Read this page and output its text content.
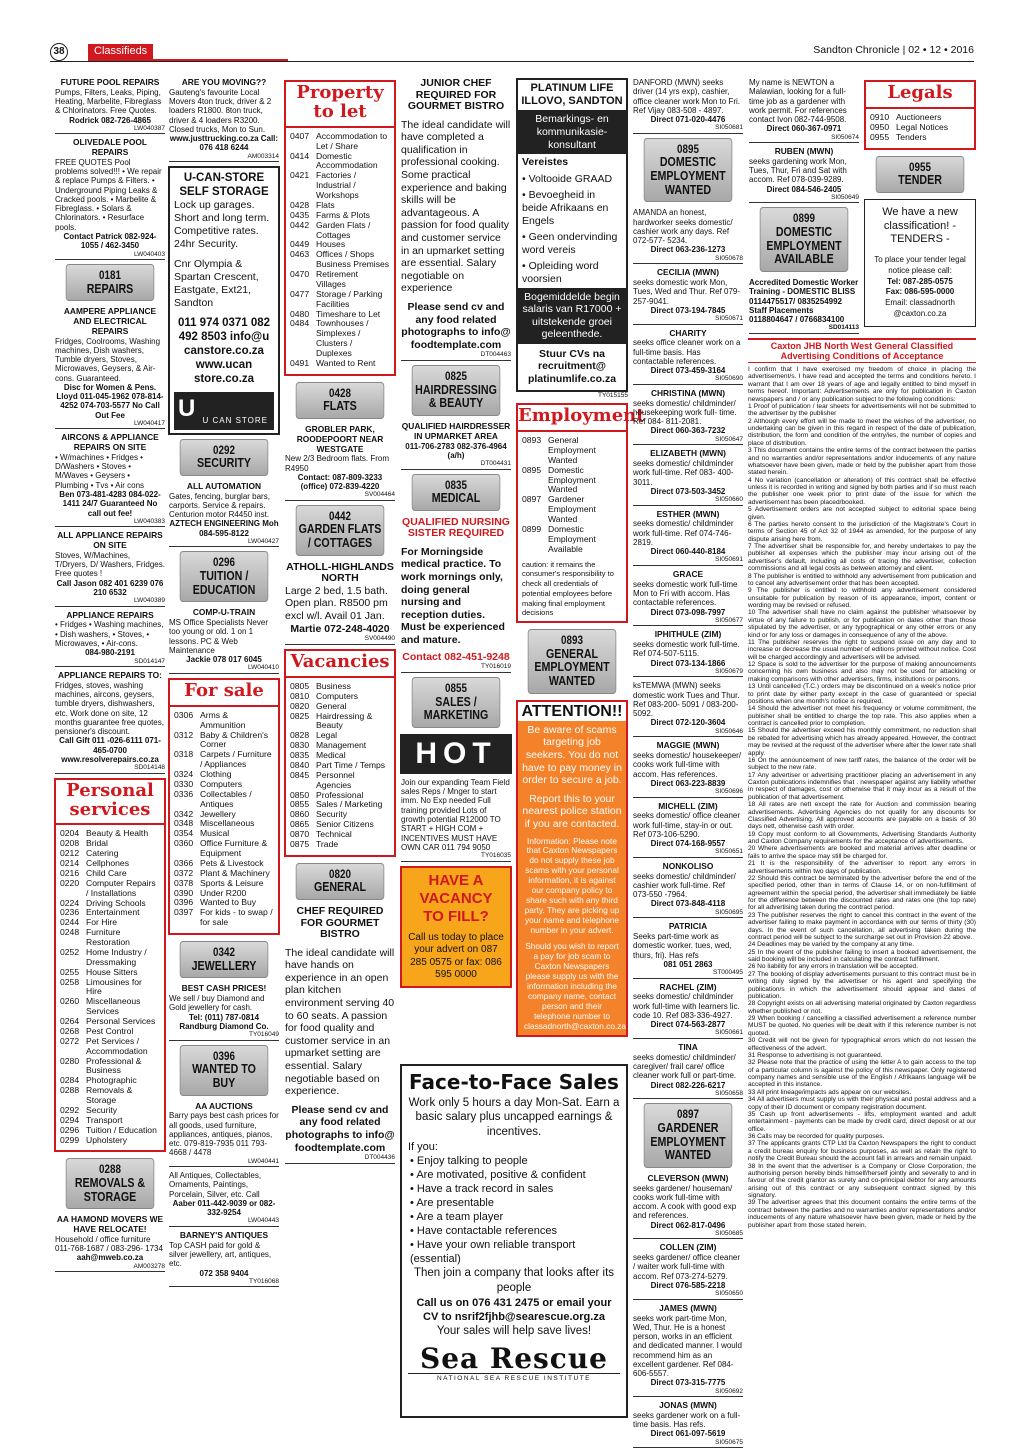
38	Classifieds	Sandton Chronicle | 02 • 12 • 2016
FUTURE POOL REPAIRS
Pumps, Filters, Leaks, Piping, Heating, Marbelite, Fibreglass & Chlorinators. Free Quotes.
Rodrick 082-726-4865
LW040387
OLIVEDALE POOL REPAIRS
FREE QUOTES Pool problems solved!!! • We repair & replace Pumps & Filters. • Underground Piping Leaks & Cracked pools. • Marbelite & Fibreglass. • Solars & Chlorinators. • Resurface pools.
Contact Patrick 082-924-1055 / 462-3450
LW040403
0181
REPAIRS
AAMPERE APPLIANCE AND ELECTRICAL REPAIRS
Fridges, Coolrooms, Washing machines, Dish washers, Tumble dryers, Stoves, Microwaves, Geysers, & Air-cons. Guaranteed.
Disc for Women & Pens. Lloyd 011-045-1962 078-814-4252 074-703-5577 No Call Out Fee
LW040417
AIRCONS & APPLIANCE REPAIRS ON SITE
• W/machines • Fridges • D/Washers • Stoves • M/Waves • Geysers • Plumbing • Tvs • Air cons
Ben 073-481-4283 084-022-1411 24/7 Guaranteed No call out fee!
LW040383
ALL APPLIANCE REPAIRS ON SITE
Stoves, W/Machines, T/Dryers, D/ Washers, Fridges. Free quotes !
Call Jason 082 401 6239 076 210 6532
LW040389
APPLIANCE REPAIRS
• Fridges • Washing machines, • Dish washers, • Stoves, • Microwaves, • Air-cons.
084-980-2191
SD014147
APPLIANCE REPAIRS TO:
Fridges, stoves, washing machines, aircons, geysers, tumble dryers, dishwashers, etc. Work done on site, 12 months guarantee free quotes, pensioner's discount.
Call Gift 011 -026-6111 071-465-0700 www.resolverepairs.co.za
SD014148
Personal services
0204 Beauty & Health
0208 Bridal
0212 Catering
0214 Cellphones
0216 Child Care
0220 Computer Repairs / Installations
0224 Driving Schools
0236 Entertainment
0244 For Hire
0248 Furniture Restoration
0252 Home Industry / Dressmaking
0255 House Sitters
0258 Limousines for Hire
0260 Miscellaneous Services
0264 Personal Services
0268 Pest Control
0272 Pet Services / Accommodation
0280 Professional & Business
0284 Photographic
0288 Removals & Storage
0292 Security
0294 Transport
0296 Tuition / Education
0299 Upholstery
0288
REMOVALS & STORAGE
AA HAMOND MOVERS WE HAVE RELOCATE!
Household / office furniture 011-768-1687 / 083-296- 1734
aah@mweb.co.za
AM003278
ARE YOU MOVING??
Gauteng's favourite Local Movers 4ton truck, driver & 2 loaders R1800. 8ton truck, driver & 4 loaders R3200. Closed trucks, Mon to Sun.
www.justtrucking.co.za Call: 076 418 6244
AM003314
U-CAN-STORE SELF STORAGE
Lock up garages. Short and long term. Competitive rates. 24hr Security.
Cnr Olympia & Spartan Crescent, Eastgate, Ext21, Sandton
011 974 0371 082 492 8503 info@u canstore.co.za www.ucan store.co.za
U U CAN STORE
0292
SECURITY
ALL AUTOMATION
Gates, fencing, burglar bars, carports. Service & repairs. Centurion motor R4450 inst.
AZTECH ENGINEERING Moh 084-595-8122
LW040427
0296
TUITION / EDUCATION
COMP-U-TRAIN
MS Office Specialists Never too young or old. 1 on 1 lessons. PC & Web Maintenance
Jackie 078 017 6045
LW040410
For sale
0306 Arms & Ammunition
0312 Baby & Children's Corner
0318 Carpets / Furniture / Appliances
0324 Clothing
0330 Computers
0336 Collectables / Antiques
0342 Jewellery
0348 Miscellaneous
0354 Musical
0360 Office Furniture & Equipment
0366 Pets & Livestock
0372 Plant & Machinery
0378 Sports & Leisure
0390 Under R200
0396 Wanted to Buy
0397 For kids - to swap / for sale
0342
JEWELLERY
BEST CASH PRICES!
We sell / buy Diamond and Gold jewellery for cash.
Tel: (011) 787-0814 Randburg Diamond Co.
TY016049
0396
WANTED TO BUY
AA AUCTIONS
Barry pays best cash prices for all goods, used furniture, appliances, antiques, pianos, etc. 079-819-7935 011 793- 4668 / 4478
LW040441
All Antiques, Collectables, Ornaments, Paintings, Porcelain, Silver, etc. Call
Aaber 011-442-9039 or 082-332-9254
LW040443
BARNEY'S ANTIQUES
Top CASH paid for gold & silver jewellery, art, antiques, etc.
072 358 9404
TY016068
Property to let
0407 Accommodation to Let / Share
0414 Domestic Accommodation
0421 Factories / Industrial / Workshops
0428 Flats
0435 Farms & Plots
0442 Garden Flats / Cottages
0449 Houses
0463 Offices / Shops Business Premises
0470 Retirement Villages
0477 Storage / Parking Facilities
0480 Timeshare to Let
0484 Townhouses / Simplexes / Clusters / Duplexes
0491 Wanted to Rent
0428
FLATS
GROBLER PARK, ROODEPOORT NEAR WESTGATE
New 2/3 Bedroom flats. From R4950
Contact: 087-809-3233 (office) 072-839-4220
SV004464
0442
GARDEN FLATS / COTTAGES
ATHOLL-HIGHLANDS NORTH
Large 2 bed, 1.5 bath. Open plan. R8500 pm excl w/l. Avail 01 Jan.
Martie 072-248-4020
SV004490
Vacancies
0805 Business
0810 Computers
0820 General
0825 Hairdressing & Beauty
0828 Legal
0830 Management
0835 Medical
0840 Part Time / Temps
0845 Personnel Agencies
0850 Professional
0855 Sales / Marketing
0860 Security
0865 Senior Citizens
0870 Technical
0875 Trade
0820
GENERAL
CHEF REQUIRED FOR GOURMET BISTRO
The ideal candidate will have hands on experience in an open plan kitchen environment serving 40 to 60 seats. A passion for food quality and customer service in an upmarket setting are essential. Salary negotiable based on experience.
Please send cv and any food related photographs to info@ foodtemplate.com
DT004436
JUNIOR CHEF REQUIRED FOR GOURMET BISTRO
The ideal candidate will have completed a qualification in professional cooking. Some practical experience and baking skills will be advantageous. A passion for food quality and customer service in an upmarket setting are essential. Salary negotiable on experience
Please send cv and any food related photographs to info@ foodtemplate.com
DT004463
0825
HAIRDRESSING & BEAUTY
QUALIFIED HAIRDRESSER IN UPMARKET AREA
011-706-2783 082-376-4964 (a/h)
DT004431
0835
MEDICAL
QUALIFIED NURSING SISTER REQUIRED
For Morningside medical practice. To work mornings only, doing general nursing and reception duties. Must be experienced and mature.
Contact 082-451-9248
TY016019
0855
SALES / MARKETING
HOT
Join our expanding Team Field sales Reps / Mnger to start imm. No Exp needed Full training provided Lots of growth potential R12000 TO START + HIGH COM + INCENTIVES MUST HAVE OWN CAR 011 794 9050
TY016035
HAVE A VACANCY TO FILL?
Call us today to place your advert on 087 285 0575 or fax: 086 595 0000
PLATINUM LIFE ILLOVO, SANDTON
Bemarkings- en kommunikasie-konsultant
Vereistes
• Voltooide GRAAD
• Bevoegheid in beide Afrikaans en Engels
• Geen ondervinding word vereis
• Opleiding word voorsien
Bogemiddelde begin salaris van R17000 + uitstekende groei geleenthede.
Stuur CVs na recruitment@ platinumlife.co.za
TY015155
Employment
0893 General Employment Wanted
0895 Domestic Employment Wanted
0897 Gardener Employment Wanted
0899 Domestic Employment Available
caution: it remains the consumer's responsibility to check all credentials of potential employees before making final employment decisions
0893
GENERAL EMPLOYMENT WANTED
ATTENTION!!
Be aware of scams targeting job seekers. You do not have to pay money in order to secure a job.
Report this to your nearest police station if you are contacted.
Information: Please note that Caxton Newspapers do not supply these job scams with your personal information, it is against our company policy to share such with any third party. They are picking up your name and telephone number in your advert.
Should you wish to report a pay for job scam to Caxton Newspapers please supply us with the information including the company name, contact person and their telephone number to classadnorth@caxton.co.za
Face-to-Face Sales
Work only 5 hours a day Mon-Sat. Earn a basic salary plus uncapped earnings & incentives.
If you:
• Enjoy talking to people
• Are motivated, positive & confident
• Have a track record in sales
• Are presentable
• Are a team player
• Have contactable references
• Have your own reliable transport (essential)
Then join a company that looks after its people
Call us on 076 431 2475 or email your CV to nsrif2fjhb@searescue.org.za
Your sales will help save lives!
Sea Rescue
NATIONAL SEA RESCUE INSTITUTE
DANFORD (MWN) seeks driver (14 yrs exp), cashier, office cleaner work Mon to Fri. Ref Vijay 083-508 - 4897.
Direct 071-020-4476
SI050681
0895
DOMESTIC EMPLOYMENT WANTED
AMANDA an honest, hardworker seeks domestic/ cashier work any days. Ref 072-577- 5234.
Direct 063-236-1273
SI050678
CECILIA (MWN)
seeks domestic work Mon, Tues, Wed and Thur. Ref 079-257-9041.
Direct 073-194-7845
SI050671
CHARITY
seeks office cleaner work on a full-time basis. Has contactable references.
Direct 073-459-3164
SI050690
CHRISTINA (MWN)
seeks domestic/ childminder/ housekeeping work full- time. Ref 084- 811-2081.
Direct 060-363-7232
SI050647
ELIZABETH (MWN)
seeks domestic/ childminder work full-time. Ref 083- 400-3011.
Direct 073-503-3452
SI050660
ESTHER (MWN)
seeks domestic/ childminder work full-time. Ref 074-746- 2819.
Direct 060-440-8184
SI050691
GRACE
seeks domestic work full-time Mon to Fri with accom. Has contactable references.
Direct 073-098-7997
SI050677
IPHITHULE (ZIM)
seeks domestic work full-time. Ref 074-507-5115.
Direct 073-134-1866
SI050679
ksTEMWA (MWN) seeks domestic work Tues and Thur. Ref 083-200- 5091 / 083-200-5092.
Direct 072-120-3604
SI050646
MAGGIE (MWN)
seeks domestic/ housekeeper/ cooks work full-time with accom. Has references.
Direct 063-223-8839
SI050696
MICHELL (ZIM)
seeks domestic/ office cleaner work full-time, stay-in or out. Ref 073-106-5290.
Direct 074-168-9557
SI050651
NONKOLISO
seeks domestic/ childminder/ cashier work full-time. Ref 073-550 -7964.
Direct 073-848-4118
SI050695
PATRICIA
Seeks part-time work as domestic worker. tues, wed, thurs, fri). Has refs
081 051 2863
ST000495
RACHEL (ZIM)
seeks domestic/ childminder work full-time with learners lic. code 10. Ref 083-336-4927.
Direct 074-563-2877
SI050661
TINA
seeks domestic/ childminder/ caregiver/ frail care/ office cleaner work full or part-time.
Direct 082-226-6217
SI050658
0897
GARDENER EMPLOYMENT WANTED
CLEVERSON (MWN)
seeks gardener/ houseman/ cooks work full-time with accom. A cook with good exp and references.
Direct 062-817-0496
SI050685
COLLEN (ZIM)
seeks gardener/ office cleaner / waiter work full-time with accom. Ref 073-274-5279.
Direct 076-585-2218
SI050650
JAMES (MWN)
seeks work part-time Mon, Wed, Thur. He is a honest person, works in an efficient and dedicated manner. I would recommend him as an excellent gardener. Ref 084-606-5557.
Direct 073-315-7775
SI050692
JONAS (MWN)
seeks gardener work on a full-time basis. Has refs.
Direct 061-097-5619
SI050675
My name is NEWTON a Malawian, looking for a full-time job as a gardener with work permit. For references contact Ivon 082-744-9508.
Direct 060-367-0971
SI050674
RUBEN (MWN)
seeks gardening work Mon, Tues, Thur, Fri and Sat with accom. Ref 078-039-9289.
Direct 084-546-2405
SI050649
0899
DOMESTIC EMPLOYMENT AVAILABLE
Accredited Domestic Worker Training - DOMESTIC BLISS 0114475517/ 0835254992 Staff Placements 0118804647 / 0766834100
SD014113
Legals
0910 Auctioneers
0950 Legal Notices
0955 Tenders
0955
TENDER
We have a new classification! - TENDERS -
To place your tender legal notice please call:
Tel: 087-285-0575
Fax: 086-595-0000
Email: classadnorth @caxton.co.za
Caxton JHB North West General Classified Advertising Conditions of Acceptance
I confirm that I have exercised my freedom of choice in placing the advertisement/s. I have read and accepted the terms and conditions hereto. I warrant that I am over 18 years of age and legally entitled to bind myself in terms hereof. Important: Advertisements are only for publication in Caxton newspapers and / or any publication subject to the following conditions:
1 Proof of publication / tear sheets for advertisements will not be submitted to the advertiser by the publisher
2 Although every effort will be made to meet the wishes of the advertiser, no undertaking can be given in this regard in respect of the date of publication, distribution, the form and condition of the entry/ies, the number of copies and place of distribution.
3 This document contains the entire terms of the contract between the parties and no warranties and/or representations and/or inducements of any nature whatsoever have been given, made or held by the publisher apart from those stated herein.
4 No variation (cancellation or alteration) of this contract shall be effective unless it is recorded in writing and signed by both parties and if so must reach the publisher one week prior to print date of the issue for which the advertisement has been placed/booked.
5 Advertisement orders are not accepted subject to editorial space being given.
6 The parties hereto consent to the jurisdiction of the Magistrate's Court in terms of Section 45 of Act 32 of 1944 as amended, for the purpose of any dispute arising here from.
7 The advertiser shall be responsible for, and hereby undertakes to pay the publisher all expenses which the publisher may incur arising out of the advertiser's default, including all costs of tracing the advertiser, collection commissions and all legal costs as between attorney and client.
8 The publisher is entitled to withhold any advertisement from publication and to cancel any advertisement order that has been accepted.
9 The publisher is entitled to withhold any advertisement considered unsuitable for publication by reason of its appearance, import, content or wording may be revised or refused.
10 The advertiser shall have no claim against the publisher whatsoever by virtue of any failure to publish, or for publication on dates other than those stipulated by the advertiser, or any typographical or any other errors or any kind or for any loss or damages in consequence of any of the above.
11 The publisher reserves the right to suspend issue on any day and to increase or decrease the usual number of editions printed without notice. Cost will be charged accordingly and advertisers will be advised.
12 Space is sold to the advertiser for the purpose of making announcements concerning his own business and also may not be used for attacking or making comparisons with other advertisers, firms, institutions or persons.
13 Until cancelled (T.C.) orders may be discontinued on a week's notice prior to print date by either party except in the case of guaranteed or special positions when one month's notice is required.
14 Should the advertiser not meet his frequency or volume commitment, the publisher shall be entitled to charge the top rate. This also applies when a contract is cancelled prior to completion.
15 Should the advertiser exceed his monthly commitment, no reduction shall be rebated for advertising which has already appeared. However, the contract may be revised at the request of the advertiser where after the lower rate shall apply.
16 On the announcement of new tariff rates, the balance of the order will be subject to the new rate.
17 Any advertiser or advertising practitioner placing an advertisement in any Caxton publications indemnifies that . newspaper against any liability whether in respect of damages, cost or otherwise that it may incur as a result of the publication of that advertisement.
18 All rates are nett except the rate for Auction and commission bearing advertisements. Advertising Agencies do not qualify for any discounts for Classified Advertising. All approved accounts are payable on a basis of 30 days nett, otherwise cash with order.
19 Copy must conform to all Governments, Advertising Standards Authority and Caxton Company requirements for the acceptance of advertisements.
20 Where advertisements are booked and material arrives after deadline or fails to arrive the space may still be charged for.
21 It is the responsibility of the advertiser to report any errors in advertisements within two days of publication.
22 Should this contract be terminated by the advertiser before the end of the specified period, other than in terms of Clause 14, or on non-fulfillment of agreement within the special period, the advertiser shall immediately be liable for the difference between the discounted rates and rates one (the top rate) for all advertising taken during the contract period.
23 The publisher reserves the right to cancel this contract in the event of the advertiser failing to make payment in accordance with our terms of thirty (30) days. In the event of such cancellation, all advertising taken during the contract period will be subject to the surcharge set out in Provision 22 above.
24 Deadlines may be varied by the company at any time.
25 In the event of the publisher failing to insert a booked advertisement, the said booking will be included in calculating the contract fulfillment.
26 No liability for any errors in translation will be accepted.
27 The booking of display advertisements pursuant to this contract must be in writing duly signed by the advertiser or his agent and specifying the publication/s in which the advertisement should appear and dates of publication.
28 Copyright exists on all advertising material originated by Caxton regardless whether published or not.
29 When booking / cancelling a classified advertisement a reference number MUST be quoted. No queries will be dealt with if this reference number is not quoted.
30 Credit will not be given for typographical errors which do not lessen the effectiveness of the advert.
31 Response to advertising is not guaranteed.
32 Please note that the practice of using the letter A to gain access to the top of a particular column is against the policy of this newspaper. Only registered company names and sensible use of the English / Afrikaans language will be accepted in this instance.
33 All print lineage/impacts ads appear on our websites.
34 All advertisers must supply us with their physical and postal address and a copy of their ID document or company registration document.
35 Cash up front advertisements - lifts, employment wanted and adult entertainment - payments can be made by credit card, direct deposit or at our office.
36 Calls may be recorded for quality purposes.
37 The applicants grants CTP Ltd t/a Caxton Newspapers the right to conduct a credit bureau enquiry for business purposes, as well as retain the right to notify the Credit Bureau should the account fall in arrears and remain unpaid.
38 In the event that the advertiser is a Company or Close Corporation, the authorising person hereby binds himself/herself jointly and severally to and in favour of the credit grantor as surety and co-principal debtor for any amounts arising out of this contract or any subsequent contract signed by this signatory.
39 The advertiser agrees that this document contains the entire terms of the contract between the parties and no warranties and/or representations and/or inducements of any nature whatsoever have been given, made or held by the publisher apart from those stated herein.
